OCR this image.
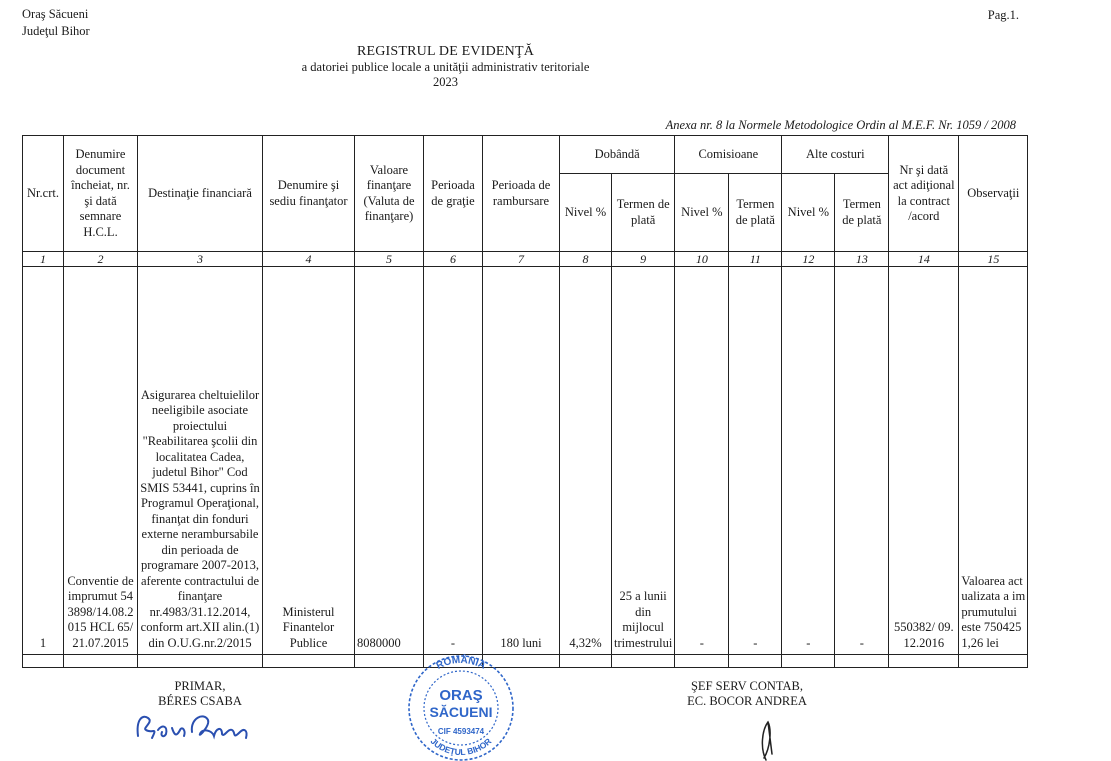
Oraş Săcueni
Judeţul Bihor
Pag.1.
REGISTRUL DE EVIDENŢĂ
a datoriei publice locale a unităţii administrativ teritoriale
2023
Anexa nr. 8 la Normele Metodologice Ordin al M.E.F. Nr. 1059 / 2008
Nr.crt.	Denumire document încheiat, nr. şi dată semnare H.C.L.	Destinaţie financiară	Denumire şi sediu finanţator	Valoare finanţare (Valuta de finanţare)	Perioada de graţie	Perioada de rambursare	Dobândă		Comisioane		Alte costuri		Nr şi dată act adiţional la contract /acord	Observaţii
							Nivel %	Termen de plată	Nivel %	Termen de plată	Nivel %	Termen de plată		
1	2	3	4	5	6	7	8	9	10	11	12	13	14	15
1	Conventie de imprumut 543898/14.08.2015 HCL 65/ 21.07.2015	Asigurarea cheltuielilor neeligibile asociate proiectului "Reabilitarea şcolii din localitatea Cadea, judetul Bihor" Cod SMIS 53441, cuprins în Programul Operaţional, finanţat din fonduri externe nerambursabile din perioada de programare 2007-2013, aferente contractului de finanţare nr.4983/31.12.2014, conform art.XII alin.(1) din O.U.G.nr.2/2015	Ministerul Finantelor Publice	8080000	-	180 luni	4,32%	25 a lunii din mijlocul trimestrului	-	-	-	-	550382/ 09.12.2016	Valoarea actualizata a imprumutului este 7504251,26 lei

PRIMAR,
BÉRES CSABA
ŞEF SERV CONTAB,
EC. BOCOR ANDREA
ROMÂNIA
ORAŞ
SĂCUENI
CIF 4593474
JUDEŢUL BIHOR
